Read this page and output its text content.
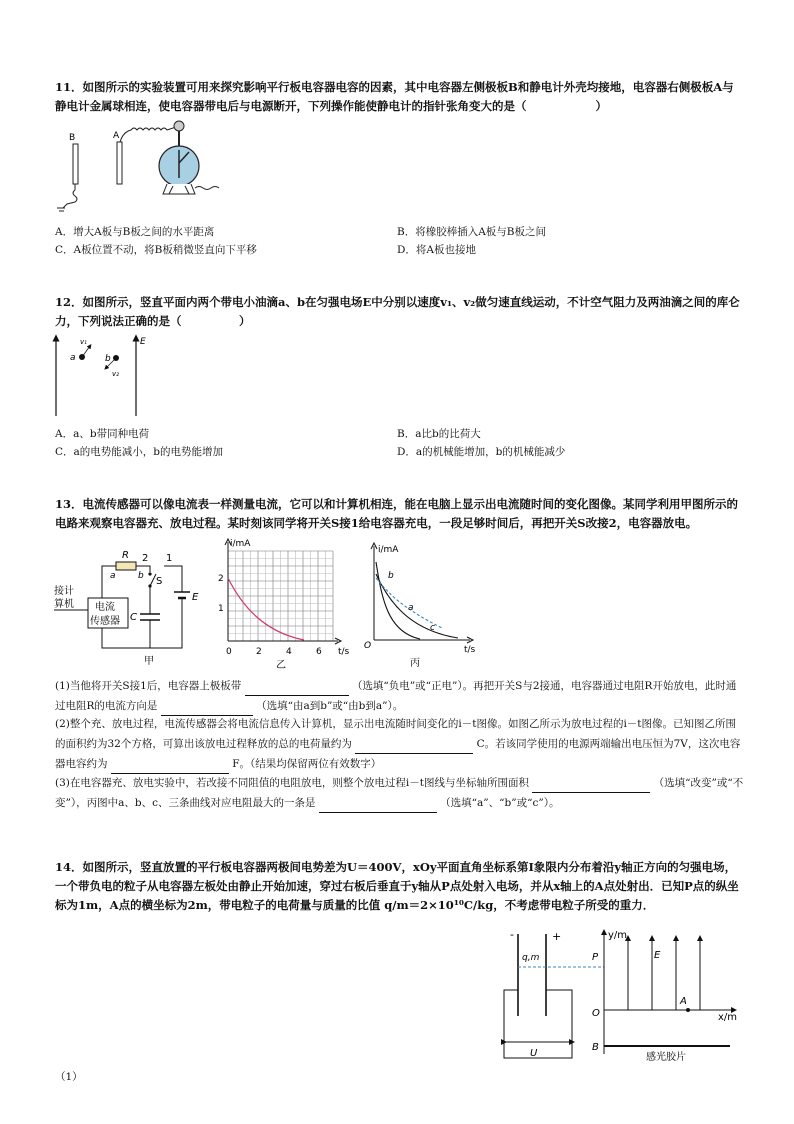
11．如图所示的实验装置可用来探究影响平行板电容器电容的因素，其中电容器左侧极板B和静电计外壳均接地，电容器右侧极板A与静电计金属球相连，使电容器带电后与电源断开，下列操作能使静电计的指针张角变大的是（　　　　　　）
B	A
A．增大A板与B板之间的水平距离	B．将橡胶棒插入A板与B板之间
C．A板位置不动，将B板稍微竖直向下平移	D．将A板也接地
12．如图所示，竖直平面内两个带电小油滴a、b在匀强电场E中分别以速度v₁、v₂做匀速直线运动，不计空气阻力及两油滴之间的库仑力，下列说法正确的是（　　　　　）
E
a
v₁
b
v₂
A．a、b带同种电荷	B．a比b的比荷大
C．a的电势能减小，b的电势能增加	D．a的机械能增加，b的机械能减少
13．电流传感器可以像电流表一样测量电流，它可以和计算机相连，能在电脑上显示出电流随时间的变化图像。某同学利用甲图所示的电路来观察电容器充、放电过程。某时刻该同学将开关S接1给电容器充电，一段足够时间后，再把开关S改接2，电容器放电。
接计
算机 电流
传感器
R 2
a b
1
S
C
E
甲
i/mA
t/s
2
1
0	2	4	6
乙
i/mA
t/s
O
b
a
c
丙
(1)当他将开关S接1后，电容器上极板带	（选填“负电”或“正电”）。再把开关S与2接通，电容器通过电阻R开始放电，此时通过电阻R的电流方向是	（选填“由a到b”或“由b到a”）。
(2)整个充、放电过程，电流传感器会将电流信息传入计算机，显示出电流随时间变化的i－t图像。如图乙所示为放电过程的i－t图像。已知图乙所围的面积约为32个方格，可算出该放电过程释放的总的电荷量约为	C。若该同学使用的电源两端输出电压恒为7V，这次电容器电容约为	F。（结果均保留两位有效数字）
(3)在电容器充、放电实验中，若改接不同阻值的电阻放电，则整个放电过程i－t图线与坐标轴所围面积	（选填“改变”或“不变”），丙图中a、b、c、三条曲线对应电阻最大的一条是	（选填“a”、“b”或“c”）。
14．如图所示，竖直放置的平行板电容器两极间电势差为U＝400V，xOy平面直角坐标系第Ⅰ象限内分布着沿y轴正方向的匀强电场，一个带负电的粒子从电容器左板处由静止开始加速，穿过右板后垂直于y轴从P点处射入电场，并从x轴上的A点处射出．已知P点的纵坐标为1m，A点的横坐标为2m，带电粒子的电荷量与质量的比值 q/m＝2×10¹⁰C/kg，不考虑带电粒子所受的重力．
-	+
q,m	P
U
y/m
x/m
O
E
A
B
感光胶片
（1）
